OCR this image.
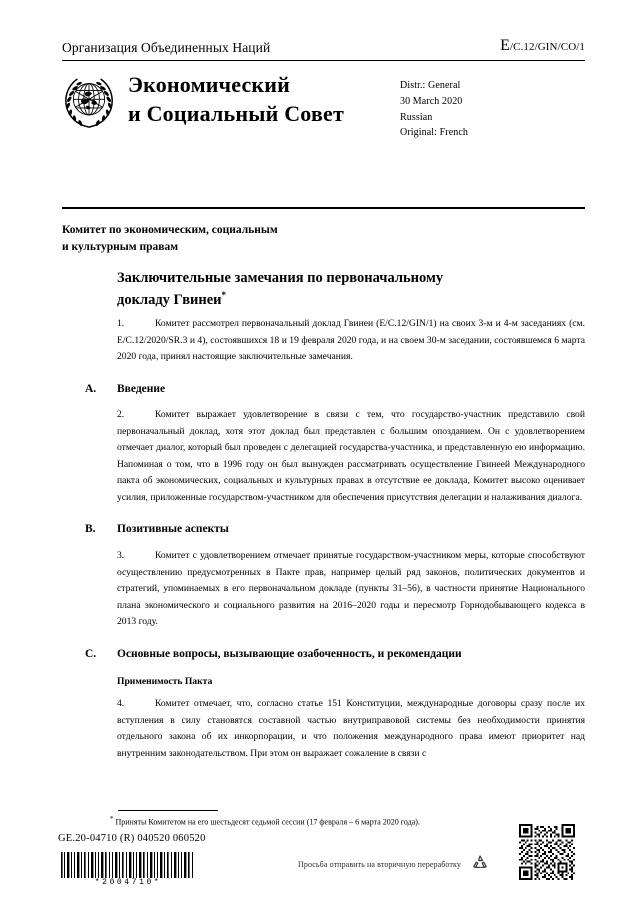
Организация Объединенных Наций	E/C.12/GIN/CO/1
Экономический
и Социальный Совет
Distr.: General
30 March 2020
Russian
Original: French
Комитет по экономическим, социальным
и культурным правам
Заключительные замечания по первоначальному
докладу Гвинеи*

1.	Комитет рассмотрел первоначальный доклад Гвинеи (E/C.12/GIN/1) на своих 3-м и 4-м заседаниях (см. E/C.12/2020/SR.3 и 4), состоявшихся 18 и 19 февраля 2020 года, и на своем 30-м заседании, состоявшемся 6 марта 2020 года, принял настоящие заключительные замечания.

A. Введение

2.	Комитет выражает удовлетворение в связи с тем, что государство-участник представило свой первоначальный доклад, хотя этот доклад был представлен с большим опозданием. Он с удовлетворением отмечает диалог, который был проведен с делегацией государства-участника, и представленную ею информацию. Напоминая о том, что в 1996 году он был вынужден рассматривать осуществление Гвинеей Международного пакта об экономических, социальных и культурных правах в отсутствие ее доклада, Комитет высоко оценивает усилия, приложенные государством-участником для обеспечения присутствия делегации и налаживания диалога.

B. Позитивные аспекты

3.	Комитет с удовлетворением отмечает принятые государством-участником меры, которые способствуют осуществлению предусмотренных в Пакте прав, например целый ряд законов, политических документов и стратегий, упоминаемых в его первоначальном докладе (пункты 31–56), в частности принятие Национального плана экономического и социального развития на 2016–2020 годы и пересмотр Горнодобывающего кодекса в 2013 году.

C. Основные вопросы, вызывающие озабоченность, и рекомендации
Применимость Пакта

4.	Комитет отмечает, что, согласно статье 151 Конституции, международные договоры сразу после их вступления в силу становятся составной частью внутриправовой системы без необходимости принятия отдельного закона об их инкорпорации, и что положения международного права имеют приоритет над внутренним законодательством. При этом он выражает сожаление в связи с

* Приняты Комитетом на его шестьдесят седьмой сессии (17 февраля – 6 марта 2020 года).
GE.20-04710 (R) 040520 060520
*2004710*
Просьба отправить на вторичную переработку
